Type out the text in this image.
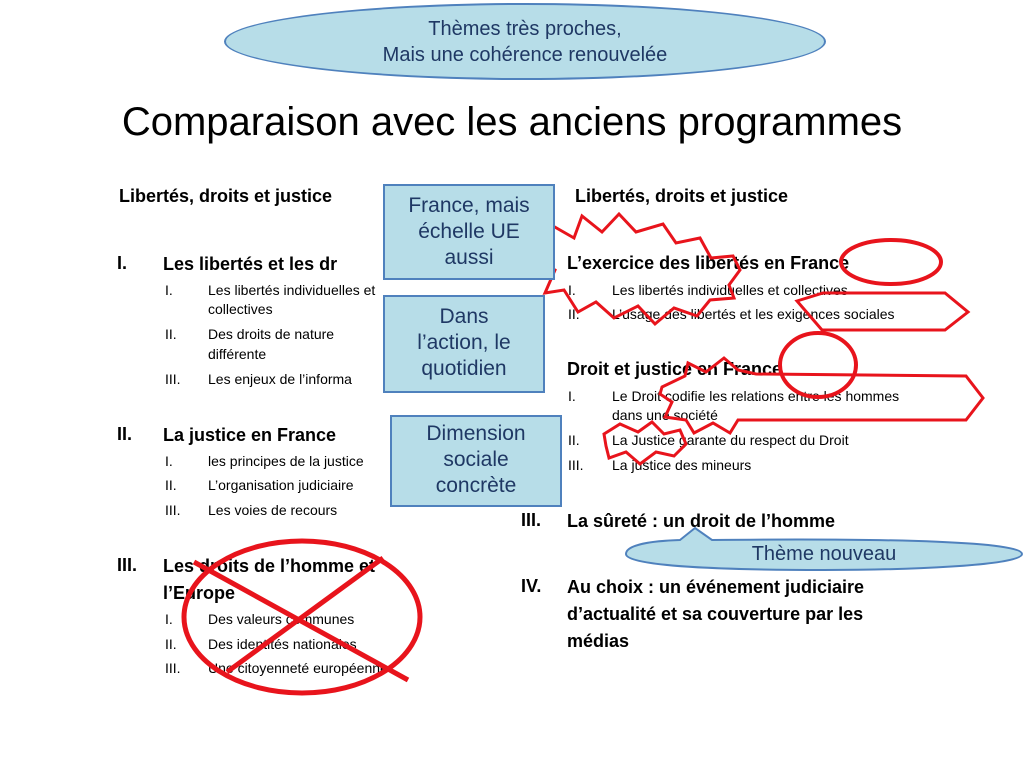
Thèmes très proches,
Mais une cohérence renouvelée
Comparaison avec les anciens programmes
Libertés, droits et justice
I. Les libertés et les dr
I.	Les libertés individuelles et
collectives
II. Des droits de nature
différente
III. Les enjeux de l’informa
II. La justice en France
I.	les principes de la justice
II. L’organisation judiciaire
III. Les voies de recours
III. Les droits de l’homme et
l’Europe
I.	Des valeurs communes
II. Des identités nationales
III. Une citoyenneté européenne
Libertés, droits et justice
L’exercice des libertés en France
I.	Les libertés individuelles et collectives
II. L’usage des libertés et les exigences sociales
Droit et justice en France
I.	Le Droit codifie les relations entre les hommes
dans une société
II. La Justice garante du respect du Droit
III. La justice des mineurs
III. La sûreté : un droit de l’homme
IV. Au choix : un événement judiciaire
d’actualité et sa couverture par les
médias
France, mais
échelle UE
aussi
Dans
l’action, le
quotidien
Dimension
sociale
concrète
Thème nouveau
